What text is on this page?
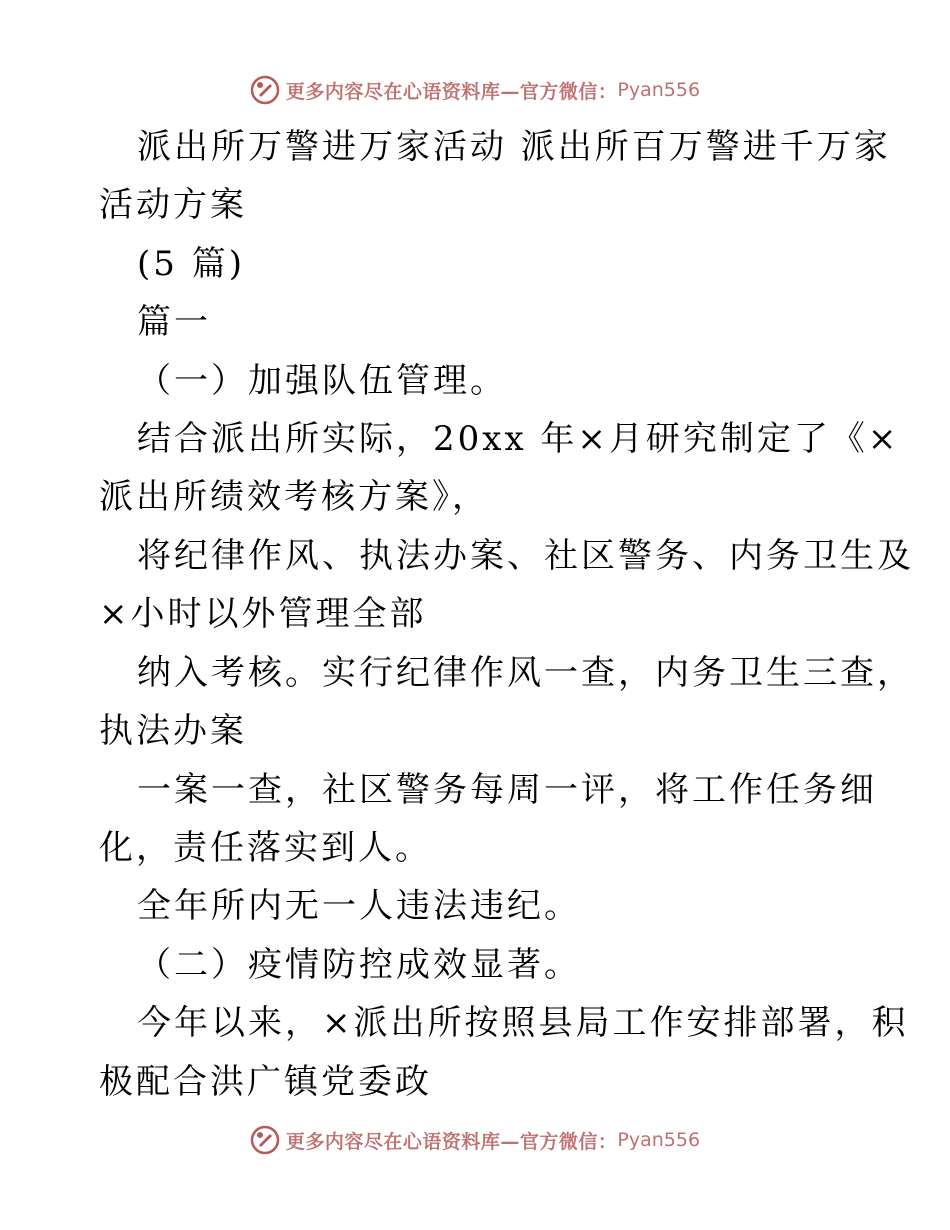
更多内容尽在心语资料库—官方微信： Pyan556
派出所万警进万家活动 派出所百万警进千万家
活动方案
(5 篇)
篇一
（一）加强队伍管理。
结合派出所实际，20xx 年×月研究制定了《×
派出所绩效考核方案》，
将纪律作风、执法办案、社区警务、内务卫生及
×小时以外管理全部
纳入考核。实行纪律作风一查，内务卫生三查，
执法办案
一案一查，社区警务每周一评，将工作任务细
化，责任落实到人。
全年所内无一人违法违纪。
（二）疫情防控成效显著。
今年以来，×派出所按照县局工作安排部署，积
极配合洪广镇党委政
更多内容尽在心语资料库—官方微信： Pyan556
